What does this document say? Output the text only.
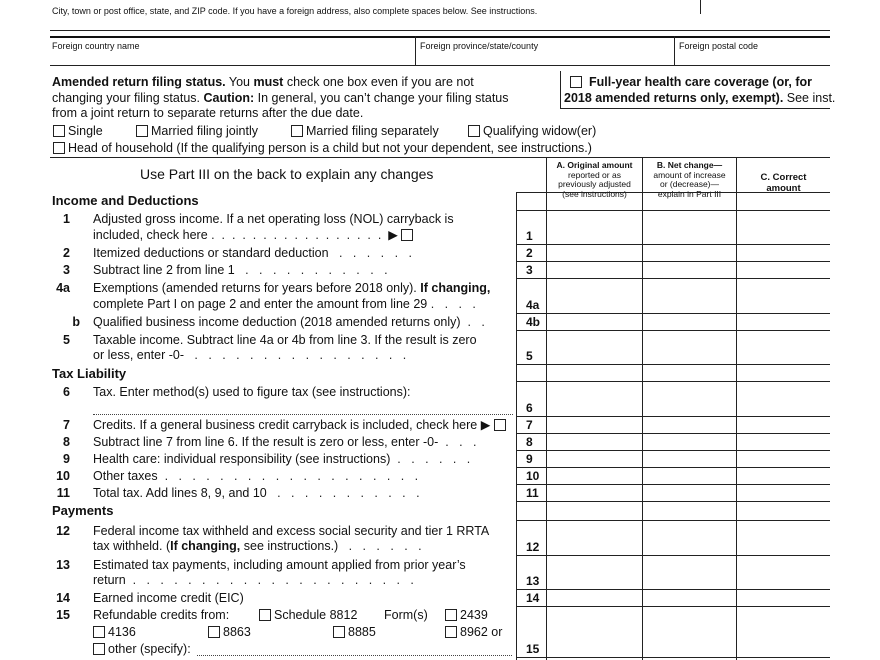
City, town or post office, state, and ZIP code. If you have a foreign address, also complete spaces below. See instructions.
Foreign country name	Foreign province/state/county	Foreign postal code
Amended return filing status. You must check one box even if you are not
changing your filing status. Caution: In general, you can’t change your filing status
from a joint return to separate returns after the due date.
Full-year health care coverage (or, for
2018 amended returns only, exempt). See inst.
Single	Married filing jointly	Married filing separately	Qualifying widow(er)
Head of household (If the qualifying person is a child but not your dependent, see instructions.)
Use Part III on the back to explain any changes
A. Original amount
reported or as
previously adjusted
(see instructions)
B. Net change—
amount of increase
or (decrease)—
explain in Part III
C. Correct
amount
Income and Deductions
1 Adjusted gross income. If a net operating loss (NOL) carryback is
included, check here .  .  .  .  .  .  .  .  .  .  .  .  .  .  .  .  .  ▶	1
2 Itemized deductions or standard deduction   .   .   .   .   .   .	2
3 Subtract line 2 from line 1   .   .   .   .   .   .   .   .   .   .   .	3
4a Exemptions (amended returns for years before 2018 only). If changing,
complete Part I on page 2 and enter the amount from line 29 .   .   .   .	4a
b Qualified business income deduction (2018 amended returns only)  .   .	4b
5 Taxable income. Subtract line 4a or 4b from line 3. If the result is zero
or less, enter -0-   .   .   .   .   .   .   .   .   .   .   .   .   .   .   .   .	5
Tax Liability
6 Tax. Enter method(s) used to figure tax (see instructions):
6
7 Credits. If a general business credit carryback is included, check here ▶	7
8 Subtract line 7 from line 6. If the result is zero or less, enter -0-  .   .   .	8
9 Health care: individual responsibility (see instructions)  .   .   .   .   .   .	9
10 Other taxes  .   .   .   .   .   .   .   .   .   .   .   .   .   .   .   .   .   .   .	10
11 Total tax. Add lines 8, 9, and 10   .   .   .   .   .   .   .   .   .   .   .	11
Payments
12 Federal income tax withheld and excess social security and tier 1 RRTA
tax withheld. (If changing, see instructions.)   .   .   .   .   .   .	12
13 Estimated tax payments, including amount applied from prior year’s
return  .   .   .   .   .   .   .   .   .   .   .   .   .   .   .   .   .   .   .   .   .	13
14 Earned income credit (EIC)	14
15 Refundable credits from:	Schedule 8812 Form(s)	2439
4136	8863	8885	8962 or
other (specify):	15
